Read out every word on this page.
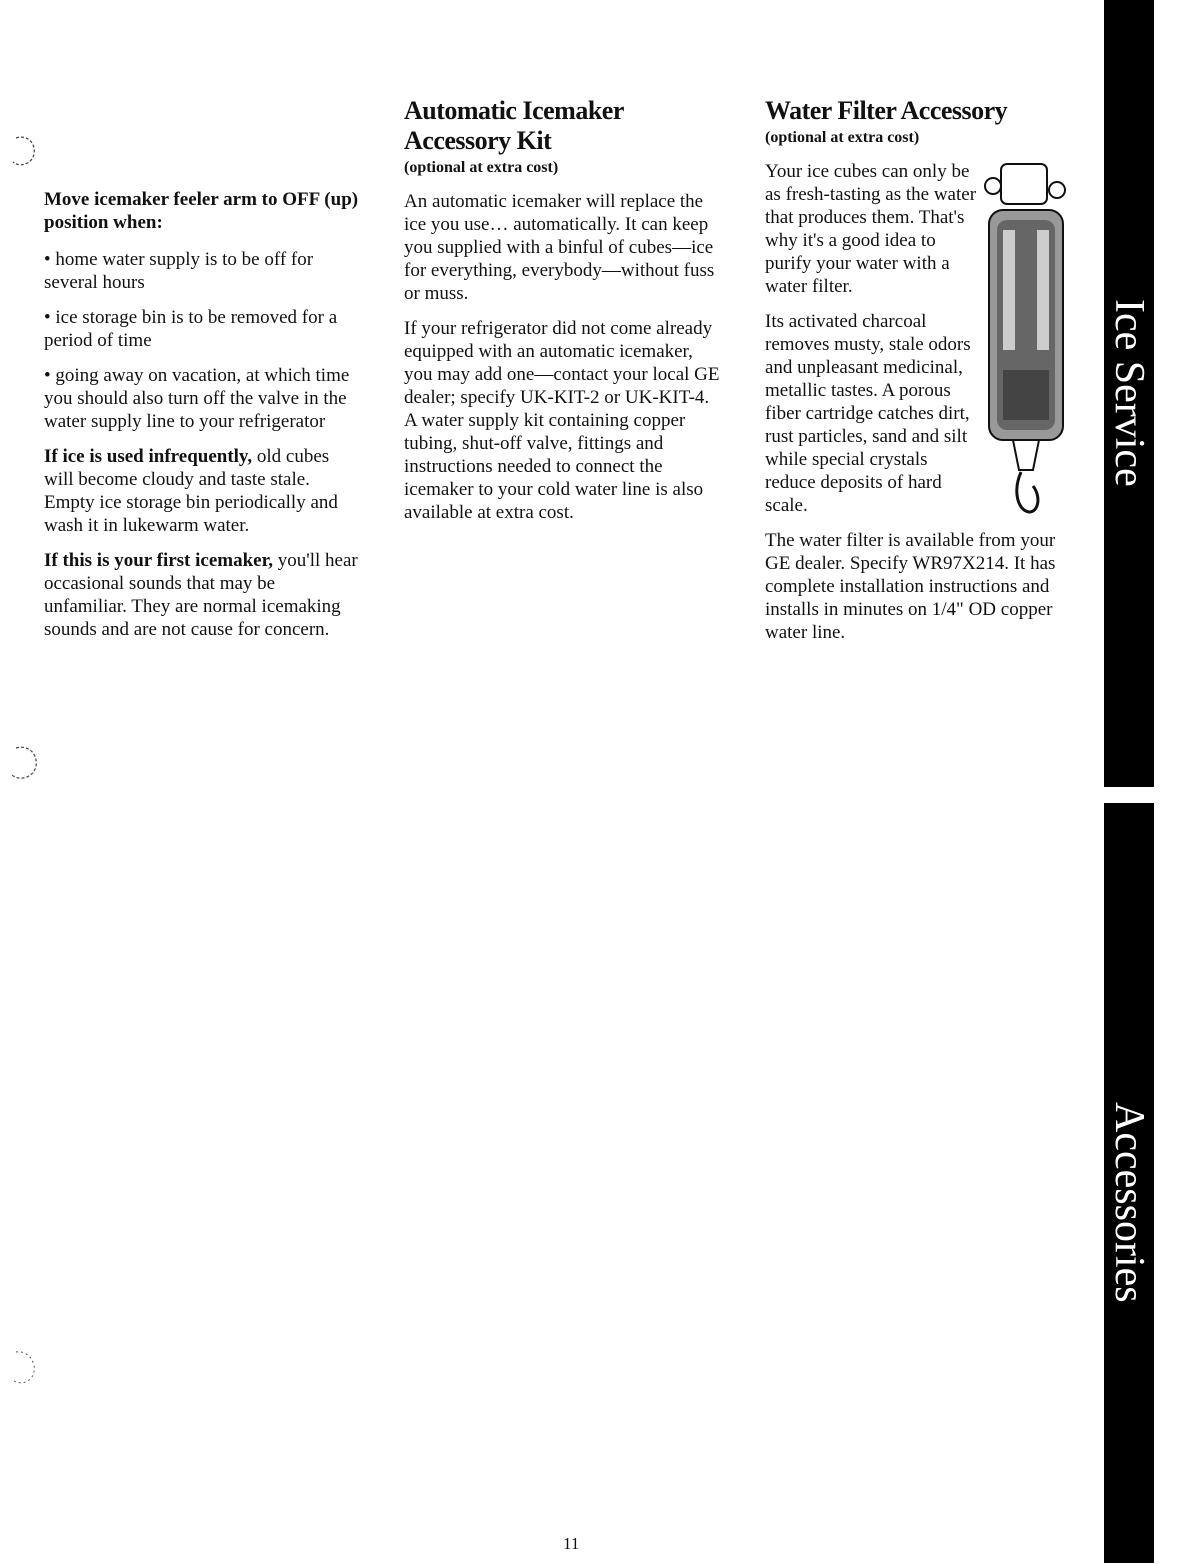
Move icemaker feeler arm to OFF (up) position when:

• home water supply is to be off for several hours

• ice storage bin is to be removed for a period of time

• going away on vacation, at which time you should also turn off the valve in the water supply line to your refrigerator

If ice is used infrequently, old cubes will become cloudy and taste stale. Empty ice storage bin periodically and wash it in lukewarm water.

If this is your first icemaker, you'll hear occasional sounds that may be unfamiliar. They are normal icemaking sounds and are not cause for concern.

Automatic Icemaker Accessory Kit
(optional at extra cost)

An automatic icemaker will replace the ice you use… automatically. It can keep you supplied with a binful of cubes—ice for everything, everybody—without fuss or muss.

If your refrigerator did not come already equipped with an automatic icemaker, you may add one—contact your local GE dealer; specify UK-KIT-2 or UK-KIT-4. A water supply kit containing copper tubing, shut-off valve, fittings and instructions needed to connect the icemaker to your cold water line is also available at extra cost.

Water Filter Accessory
(optional at extra cost)

Your ice cubes can only be as fresh-tasting as the water that produces them. That's why it's a good idea to purify your water with a water filter.

Its activated charcoal removes musty, stale odors and unpleasant medicinal, metallic tastes. A porous fiber cartridge catches dirt, rust particles, sand and silt while special crystals reduce deposits of hard scale.

The water filter is available from your GE dealer. Specify WR97X214. It has complete installation instructions and installs in minutes on 1/4" OD copper water line.

Ice Service
Accessories
11
